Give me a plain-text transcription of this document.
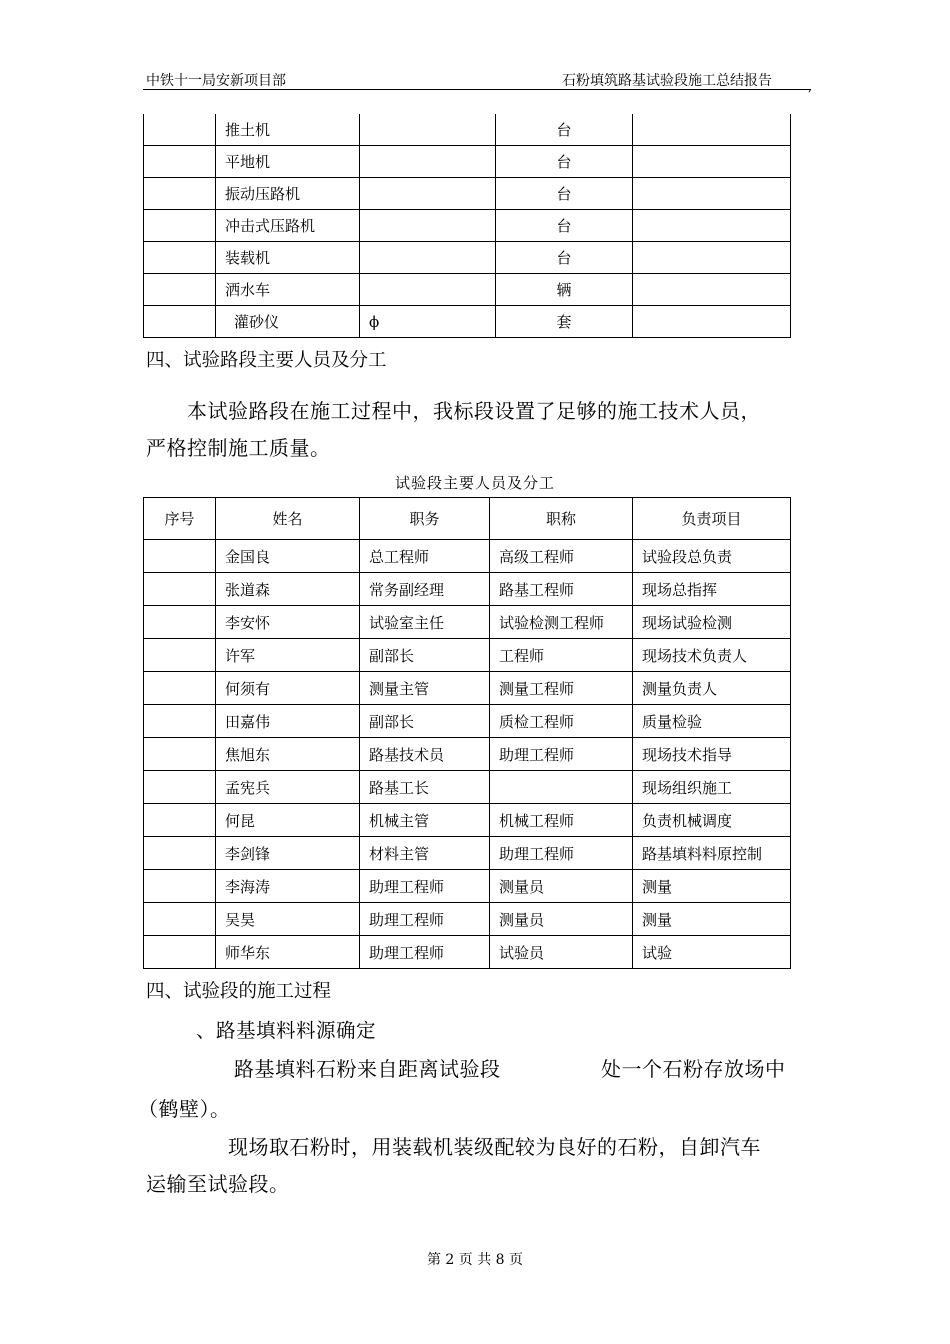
中铁十一局安新项目部	石粉填筑路基试验段施工总结报告	,
	推土机		台	
	平地机		台	
	振动压路机		台	
	冲击式压路机		台	
	装载机		台	
	洒水车		辆	
	灌砂仪	ϕ	套	
四、试验路段主要人员及分工
本试验路段在施工过程中，我标段设置了足够的施工技术人员，
严格控制施工质量。
试验段主要人员及分工
序号	姓名	职务	职称	负责项目
	金国良	总工程师	高级工程师	试验段总负责
	张道森	常务副经理	路基工程师	现场总指挥
	李安怀	试验室主任	试验检测工程师	现场试验检测
	许军	副部长	工程师	现场技术负责人
	何须有	测量主管	测量工程师	测量负责人
	田嘉伟	副部长	质检工程师	质量检验
	焦旭东	路基技术员	助理工程师	现场技术指导
	孟宪兵	路基工长		现场组织施工
	何昆	机械主管	机械工程师	负责机械调度
	李剑锋	材料主管	助理工程师	路基填料料原控制
	李海涛	助理工程师	测量员	测量
	吴昊	助理工程师	测量员	测量
	师华东	助理工程师	试验员	试验
四、试验段的施工过程
、路基填料料源确定
路基填料石粉来自距离试验段	处一个石粉存放场中
（鹤壁）。
现场取石粉时，用装载机装级配较为良好的石粉，自卸汽车
运输至试验段。
第 2 页 共 8 页
